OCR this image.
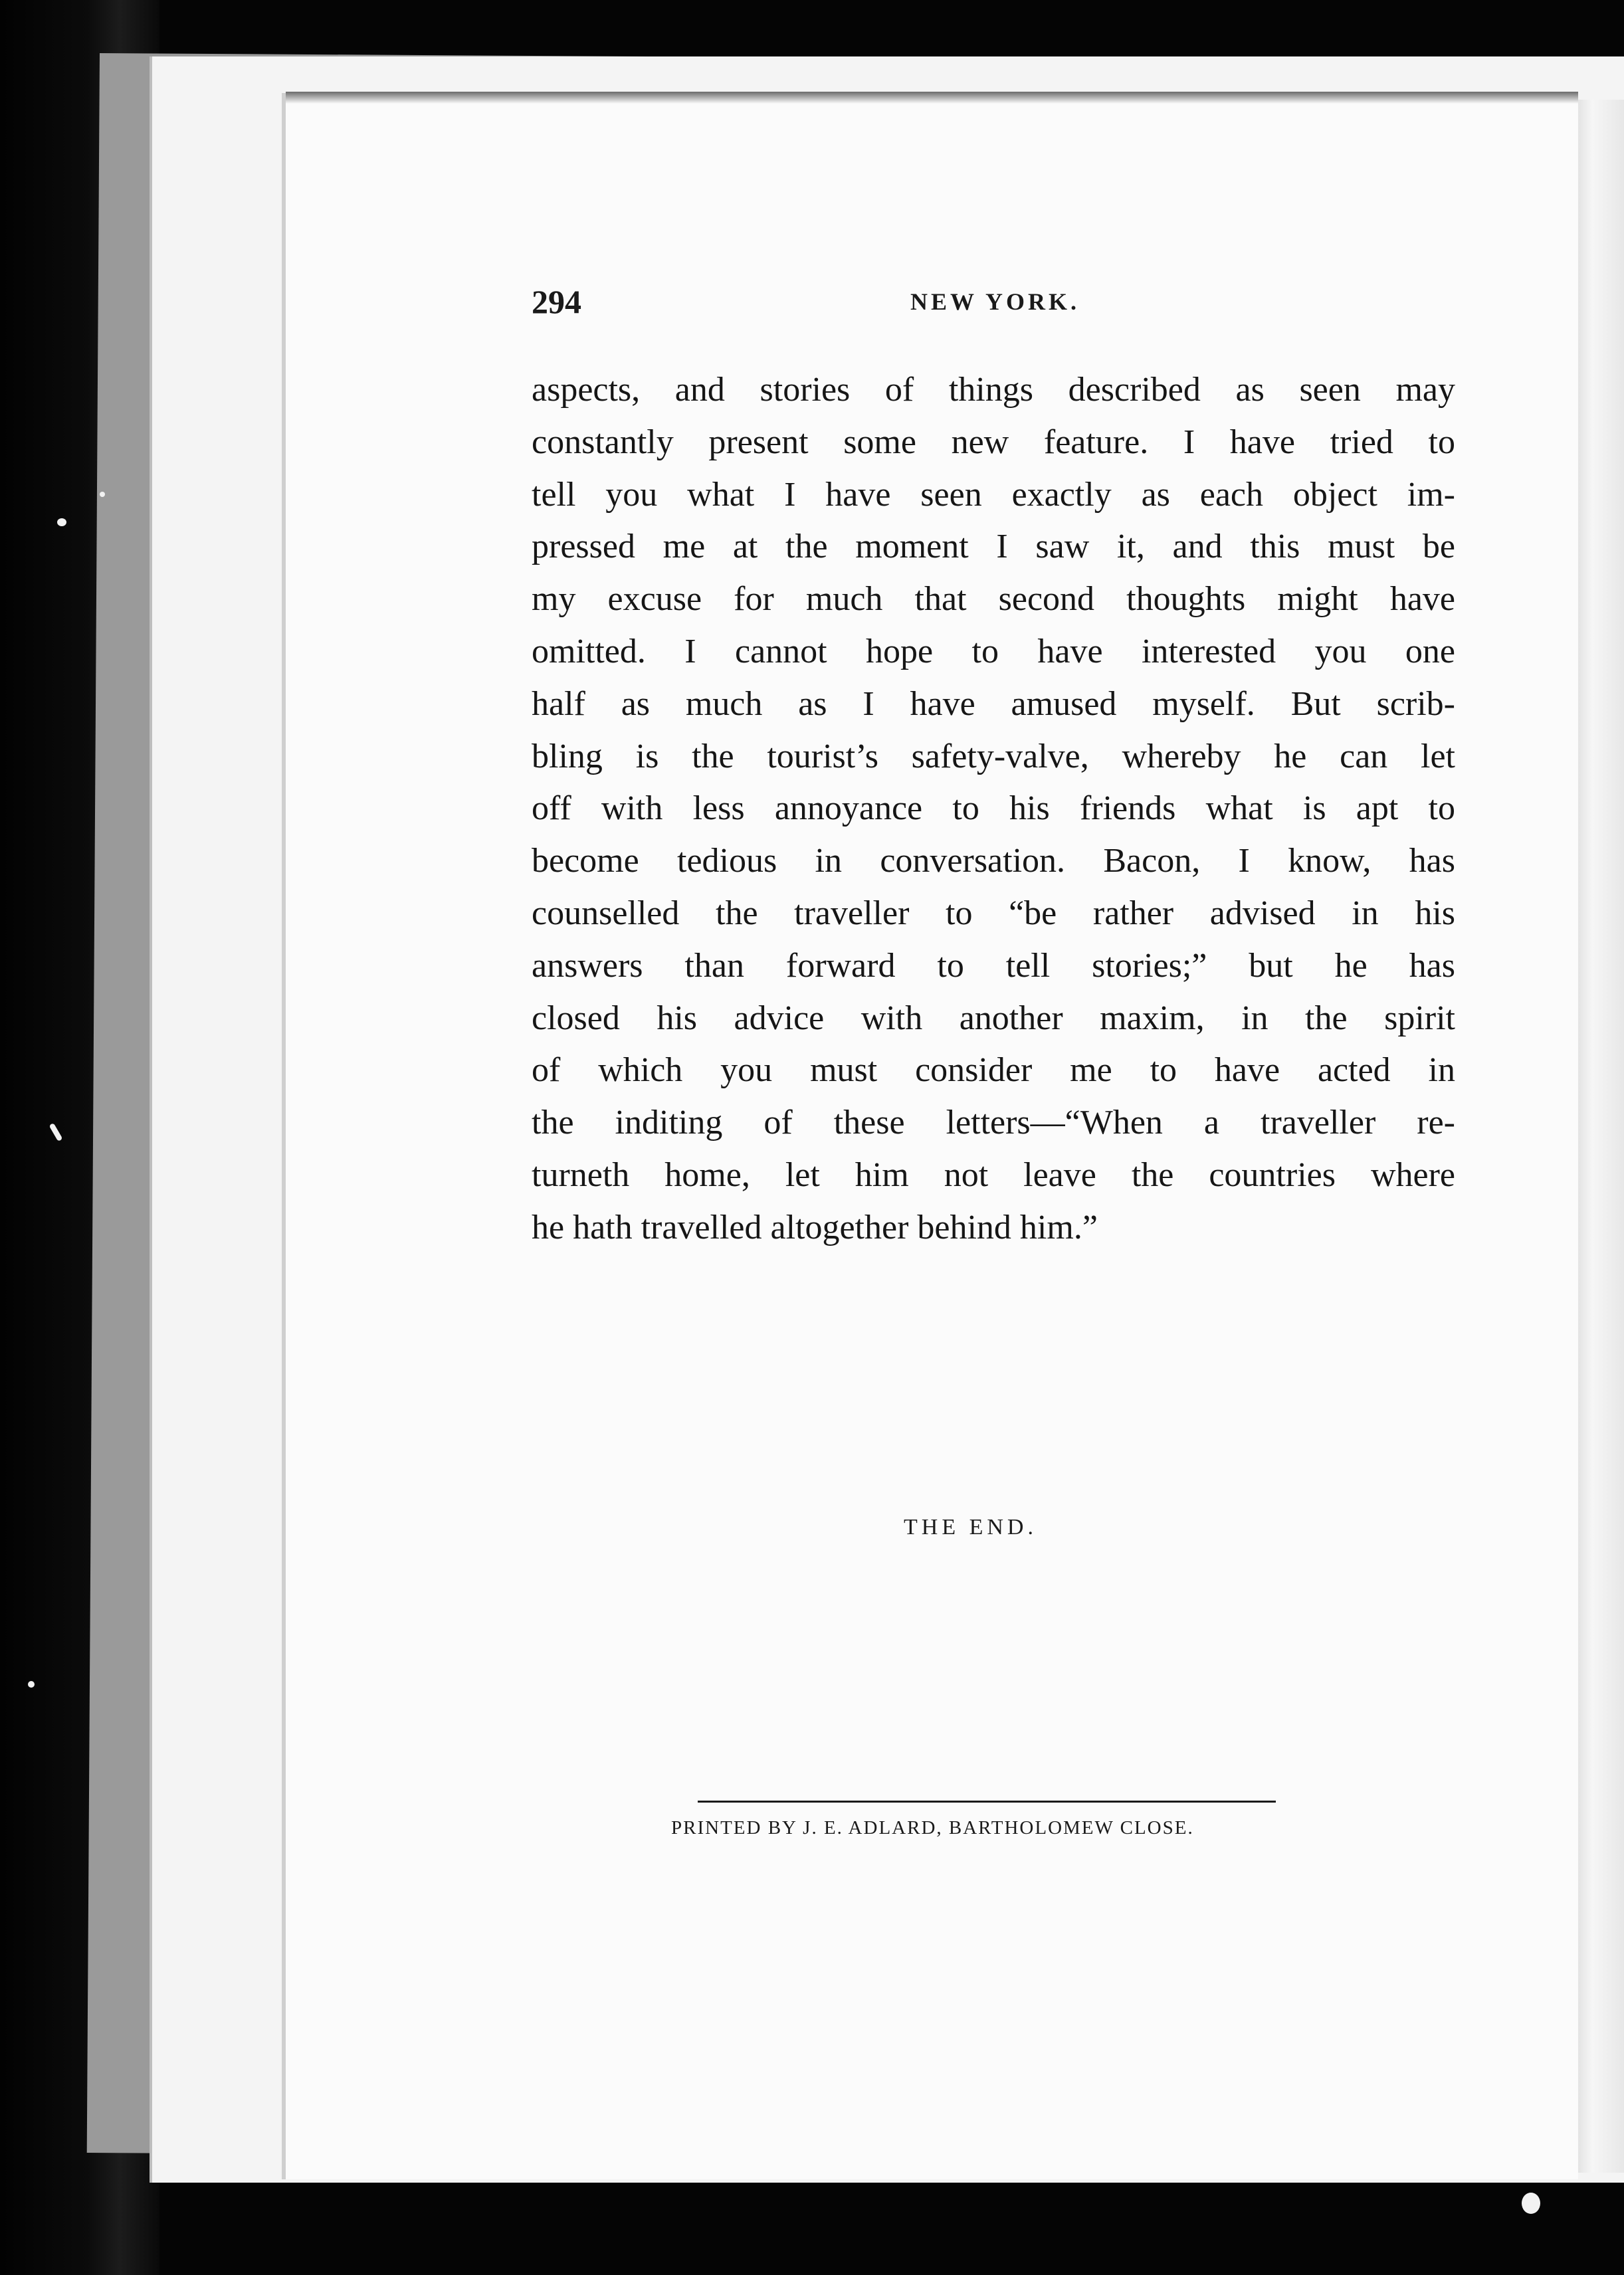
294	NEW YORK.
aspects, and stories of things described as seen may
constantly present some new feature. I have tried to
tell you what I have seen exactly as each object im-
pressed me at the moment I saw it, and this must be
my excuse for much that second thoughts might have
omitted. I cannot hope to have interested you one
half as much as I have amused myself. But scrib-
bling is the tourist’s safety-valve, whereby he can let
off with less annoyance to his friends what is apt to
become tedious in conversation. Bacon, I know, has
counselled the traveller to “be rather advised in his
answers than forward to tell stories;” but he has
closed his advice with another maxim, in the spirit
of which you must consider me to have acted in
the inditing of these letters—“When a traveller re-
turneth home, let him not leave the countries where
he hath travelled altogether behind him.”
THE END.
PRINTED BY J. E. ADLARD, BARTHOLOMEW CLOSE.
